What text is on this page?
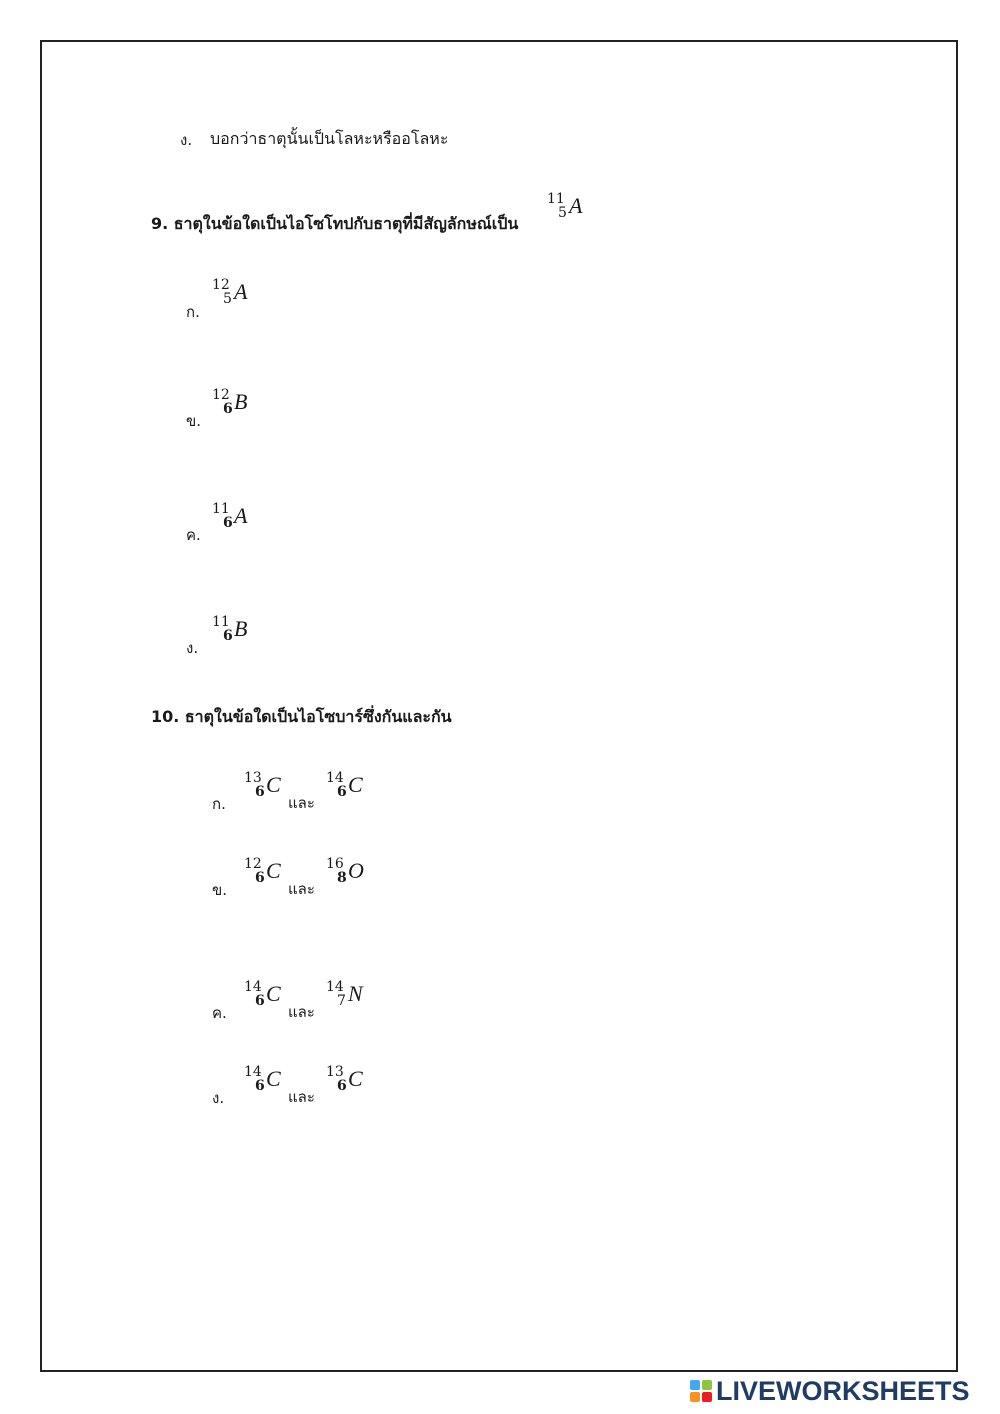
ง. บอกว่าธาตุนั้นเป็นโลหะหรืออโลหะ
9. ธาตุในข้อใดเป็นไอโซโทปกับธาตุที่มีสัญลักษณ์เป็น
11
5 A
ก.
12
5 A
ข.
12
6 B
ค.
11
6 A
ง.
11
6 B
10. ธาตุในข้อใดเป็นไอโซบาร์ซึ่งกันและกัน
ก.
13
6 C
และ
14
6 C
ข.
12
6 C
และ
16
8 O
ค.
14
6 C
และ
14
7 N
ง.
14
6 C
และ
13
6 C
LIVEWORKSHEETS
